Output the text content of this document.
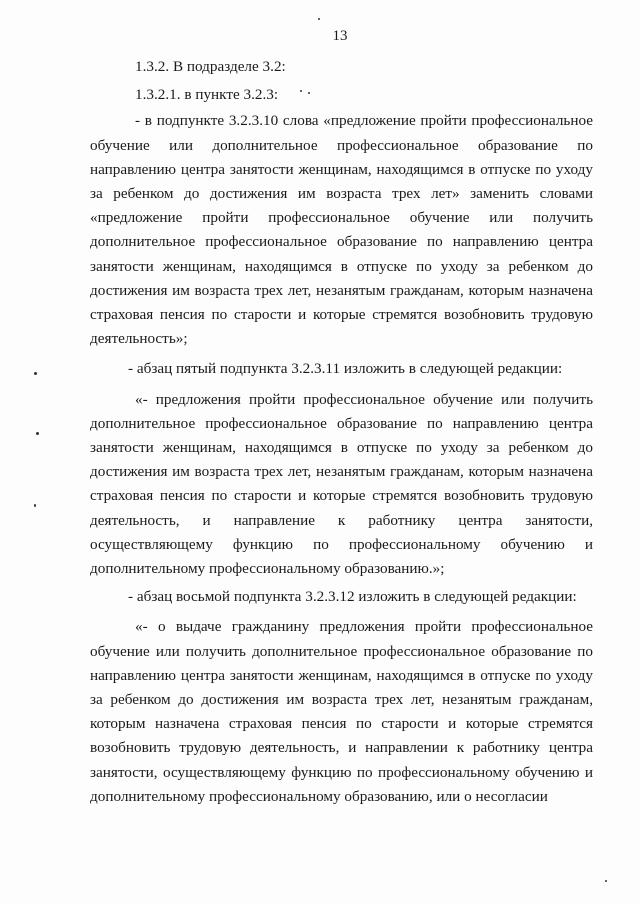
13

1.3.2. В подразделе 3.2:

1.3.2.1. в пункте 3.2.3:

- в подпункте 3.2.3.10 слова «предложение пройти профессиональное обучение или дополнительное профессиональное образование по направлению центра занятости женщинам, находящимся в отпуске по уходу за ребенком до достижения им возраста трех лет» заменить словами «предложение пройти профессиональное обучение или получить дополнительное профессиональное образование по направлению центра занятости женщинам, находящимся в отпуске по уходу за ребенком до достижения им возраста трех лет, незанятым гражданам, которым назначена страховая пенсия по старости и которые стремятся возобновить трудовую деятельность»;

- абзац пятый подпункта 3.2.3.11 изложить в следующей редакции:

«- предложения пройти профессиональное обучение или получить дополнительное профессиональное образование по направлению центра занятости женщинам, находящимся в отпуске по уходу за ребенком до достижения им возраста трех лет, незанятым гражданам, которым назначена страховая пенсия по старости и которые стремятся возобновить трудовую деятельность, и направление к работнику центра занятости, осуществляющему функцию по профессиональному обучению и дополнительному профессиональному образованию.»;

- абзац восьмой подпункта 3.2.3.12 изложить в следующей редакции:

«- о выдаче гражданину предложения пройти профессиональное обучение или получить дополнительное профессиональное образование по направлению центра занятости женщинам, находящимся в отпуске по уходу за ребенком до достижения им возраста трех лет, незанятым гражданам, которым назначена страховая пенсия по старости и которые стремятся возобновить трудовую деятельность, и направлении к работнику центра занятости, осуществляющему функцию по профессиональному обучению и дополнительному профессиональному образованию, или о несогласии
